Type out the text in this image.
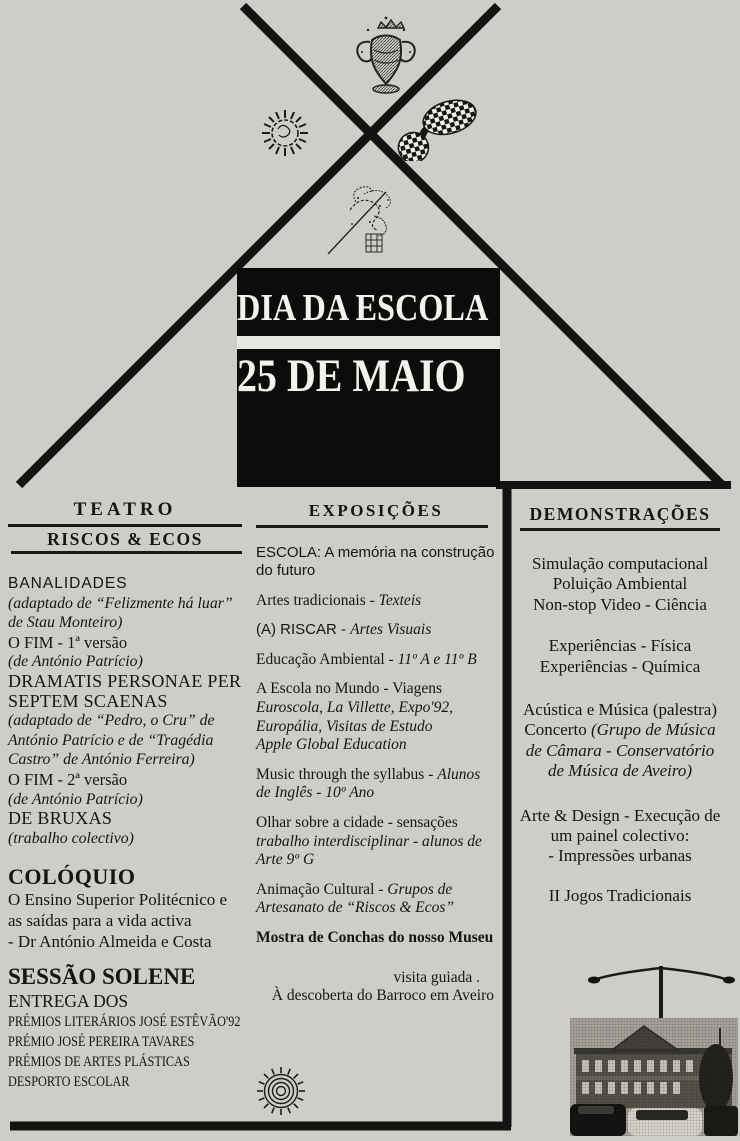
DIA DA ESCOLA
25 DE MAIO
TEATRO
RISCOS & ECOS
BANALIDADES
(adaptado de “Felizmente há luar”
de Stau Monteiro)
O FIM - 1ª versão
(de António Patrício)
DRAMATIS PERSONAE PER
SEPTEM SCAENAS
(adaptado de “Pedro, o Cru” de
António Patrício e de “Tragédia
Castro” de António Ferreira)
O FIM - 2ª versão
(de António Patrício)
DE BRUXAS
(trabalho colectivo)
COLÓQUIO
O Ensino Superior Politécnico e
as saídas para a vida activa
- Dr António Almeida e Costa
SESSÃO SOLENE
ENTREGA DOS
PRÉMIOS LITERÁRIOS JOSÉ ESTÊVÃO'92
PRÉMIO JOSÉ PEREIRA TAVARES
PRÉMIOS DE ARTES PLÁSTICAS
DESPORTO ESCOLAR
EXPOSIÇÕES
ESCOLA: A memória na construção
do futuro
Artes tradicionais - Texteis
(A) RISCAR - Artes Visuais
Educação Ambiental - 11º A e 11º B
A Escola no Mundo - Viagens
Euroscola, La Villette, Expo'92,
Europália, Visitas de Estudo
Apple Global Education
Music through the syllabus - Alunos
de Inglês - 10º Ano
Olhar sobre a cidade - sensações
trabalho interdisciplinar - alunos de
Arte 9º G
Animação Cultural - Grupos de
Artesanato de “Riscos & Ecos”
Mostra de Conchas do nosso Museu
visita guiada .
À descoberta do Barroco em Aveiro
DEMONSTRAÇÕES
Simulação computacional
Poluição Ambiental
Non-stop Video - Ciência
Experiências - Física
Experiências - Química
Acústica e Música (palestra)
Concerto (Grupo de Música
de Câmara - Conservatório
de Música de Aveiro)
Arte & Design - Execução de
um painel colectivo:
- Impressões urbanas
II Jogos Tradicionais
